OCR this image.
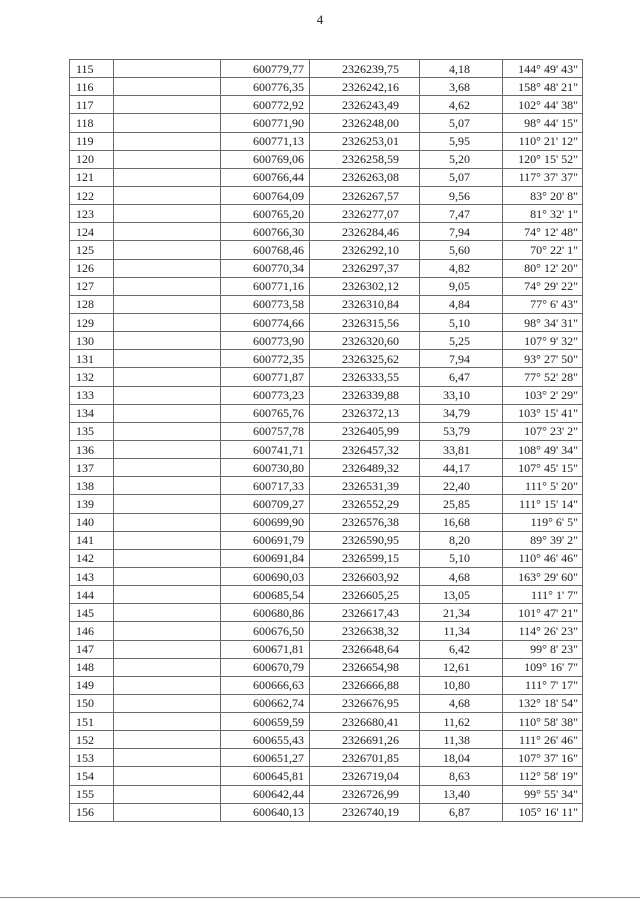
4
115		600779,77	2326239,75	4,18	144° 49' 43"
116		600776,35	2326242,16	3,68	158° 48' 21"
117		600772,92	2326243,49	4,62	102° 44' 38"
118		600771,90	2326248,00	5,07	98° 44' 15"
119		600771,13	2326253,01	5,95	110° 21' 12"
120		600769,06	2326258,59	5,20	120° 15' 52"
121		600766,44	2326263,08	5,07	117° 37' 37"
122		600764,09	2326267,57	9,56	83° 20' 8"
123		600765,20	2326277,07	7,47	81° 32' 1"
124		600766,30	2326284,46	7,94	74° 12' 48"
125		600768,46	2326292,10	5,60	70° 22' 1"
126		600770,34	2326297,37	4,82	80° 12' 20"
127		600771,16	2326302,12	9,05	74° 29' 22"
128		600773,58	2326310,84	4,84	77° 6' 43"
129		600774,66	2326315,56	5,10	98° 34' 31"
130		600773,90	2326320,60	5,25	107° 9' 32"
131		600772,35	2326325,62	7,94	93° 27' 50"
132		600771,87	2326333,55	6,47	77° 52' 28"
133		600773,23	2326339,88	33,10	103° 2' 29"
134		600765,76	2326372,13	34,79	103° 15' 41"
135		600757,78	2326405,99	53,79	107° 23' 2"
136		600741,71	2326457,32	33,81	108° 49' 34"
137		600730,80	2326489,32	44,17	107° 45' 15"
138		600717,33	2326531,39	22,40	111° 5' 20"
139		600709,27	2326552,29	25,85	111° 15' 14"
140		600699,90	2326576,38	16,68	119° 6' 5"
141		600691,79	2326590,95	8,20	89° 39' 2"
142		600691,84	2326599,15	5,10	110° 46' 46"
143		600690,03	2326603,92	4,68	163° 29' 60"
144		600685,54	2326605,25	13,05	111° 1' 7"
145		600680,86	2326617,43	21,34	101° 47' 21"
146		600676,50	2326638,32	11,34	114° 26' 23"
147		600671,81	2326648,64	6,42	99° 8' 23"
148		600670,79	2326654,98	12,61	109° 16' 7"
149		600666,63	2326666,88	10,80	111° 7' 17"
150		600662,74	2326676,95	4,68	132° 18' 54"
151		600659,59	2326680,41	11,62	110° 58' 38"
152		600655,43	2326691,26	11,38	111° 26' 46"
153		600651,27	2326701,85	18,04	107° 37' 16"
154		600645,81	2326719,04	8,63	112° 58' 19"
155		600642,44	2326726,99	13,40	99° 55' 34"
156		600640,13	2326740,19	6,87	105° 16' 11"
